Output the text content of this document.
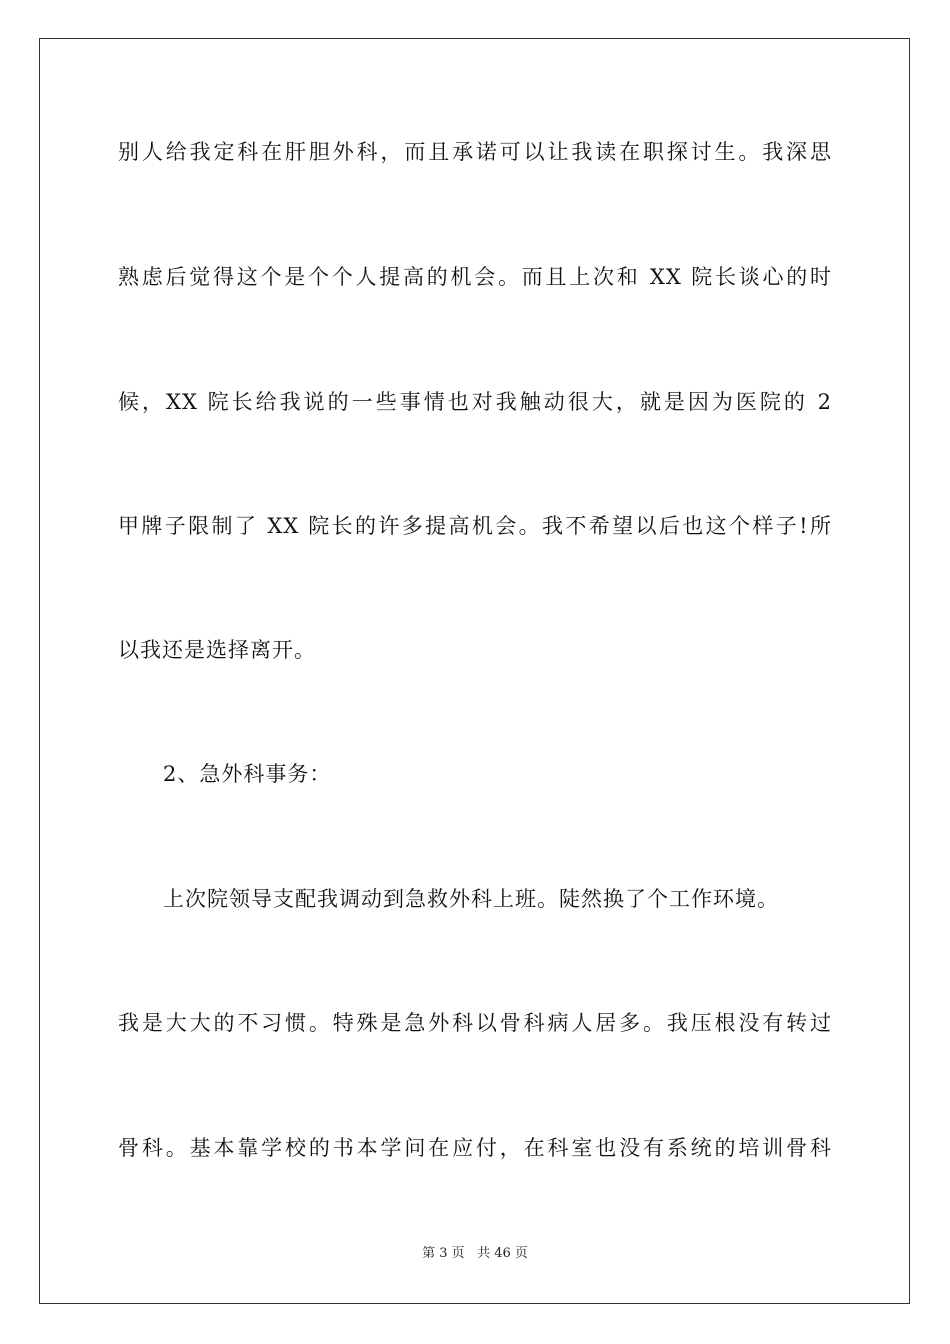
别人给我定科在肝胆外科，而且承诺可以让我读在职探讨生。我深思
熟虑后觉得这个是个个人提高的机会。而且上次和 XX 院长谈心的时
候，XX 院长给我说的一些事情也对我触动很大，就是因为医院的 2
甲牌子限制了 XX 院长的许多提高机会。我不希望以后也这个样子!所
以我还是选择离开。
2、急外科事务：
上次院领导支配我调动到急救外科上班。陡然换了个工作环境。
我是大大的不习惯。特殊是急外科以骨科病人居多。我压根没有转过
骨科。基本靠学校的书本学问在应付，在科室也没有系统的培训骨科
第 3 页 共 46 页
